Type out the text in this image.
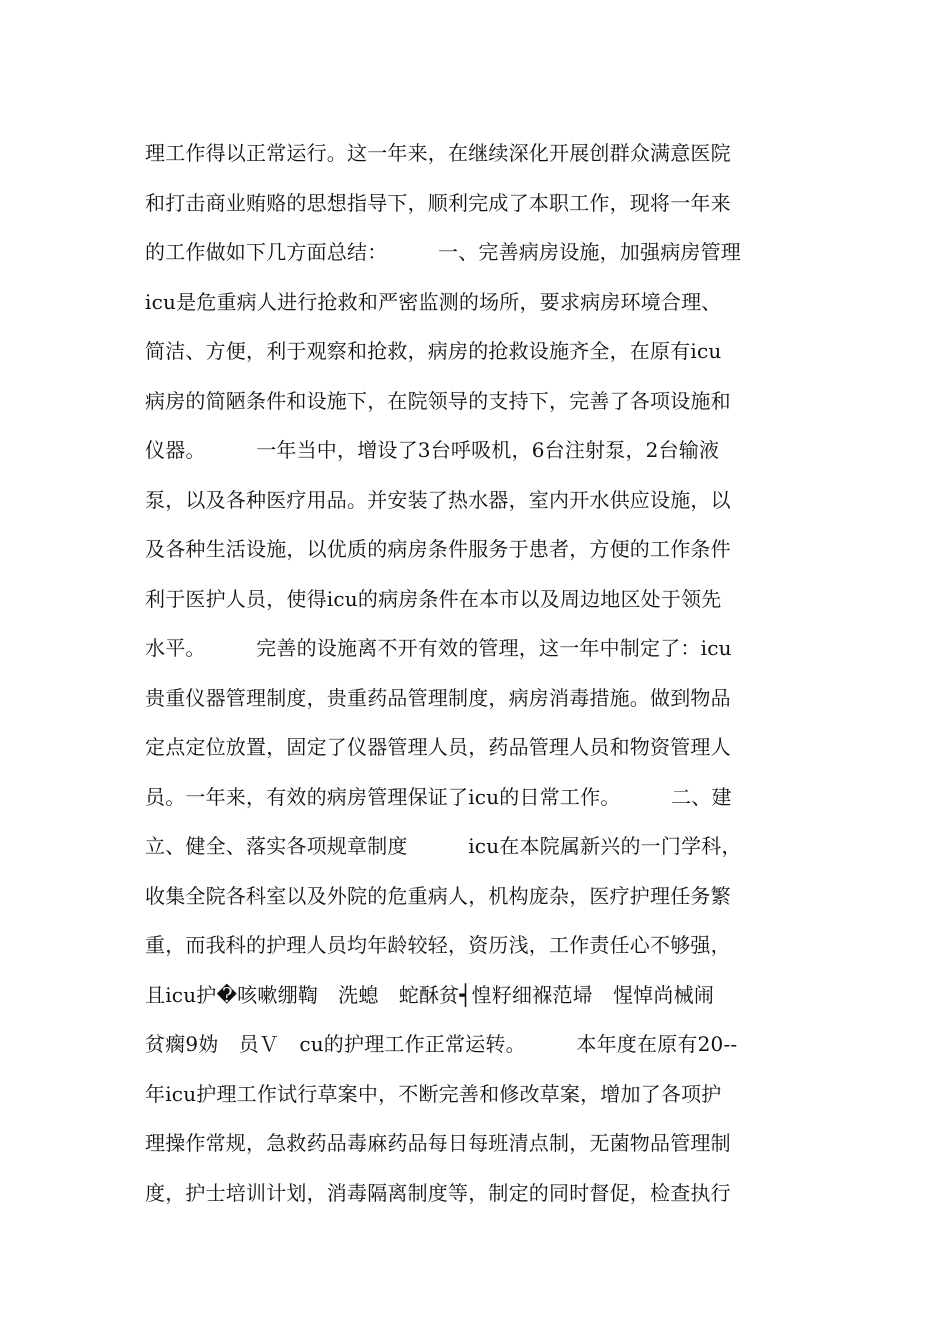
理工作得以正常运行。这一年来，在继续深化开展创群众满意医院
和打击商业贿赂的思想指导下，顺利完成了本职工作，现将一年来
的工作做如下几方面总结：　　　一、完善病房设施，加强病房管理
icu是危重病人进行抢救和严密监测的场所，要求病房环境合理、
简洁、方便，利于观察和抢救，病房的抢救设施齐全，在原有icu
病房的简陋条件和设施下，在院领导的支持下，完善了各项设施和
仪器。　　　一年当中，增设了3台呼吸机，6台注射泵，2台输液
泵，以及各种医疗用品。并安装了热水器，室内开水供应设施，以
及各种生活设施，以优质的病房条件服务于患者，方便的工作条件
利于医护人员，使得icu的病房条件在本市以及周边地区处于领先
水平。　　　完善的设施离不开有效的管理，这一年中制定了：icu
贵重仪器管理制度，贵重药品管理制度，病房消毒措施。做到物品
定点定位放置，固定了仪器管理人员，药品管理人员和物资管理人
员。一年来，有效的病房管理保证了icu的日常工作。　　　二、建
立、健全、落实各项规章制度　　　icu在本院属新兴的一门学科，
收集全院各科室以及外院的危重病人，机构庞杂，医疗护理任务繁
重，而我科的护理人员均年龄较轻，资历浅，工作责任心不够强，
且icu护�咳嗽绷鞫　洗螅　蛇酥贫┥惶籽细褓范埽　惺悼尚械闹
贫瘸9妫　员Ｖ　cu的护理工作正常运转。　　　本年度在原有20--
年icu护理工作试行草案中，不断完善和修改草案，增加了各项护
理操作常规，急救药品毒麻药品每日每班清点制，无菌物品管理制
度，护士培训计划，消毒隔离制度等，制定的同时督促，检查执行
